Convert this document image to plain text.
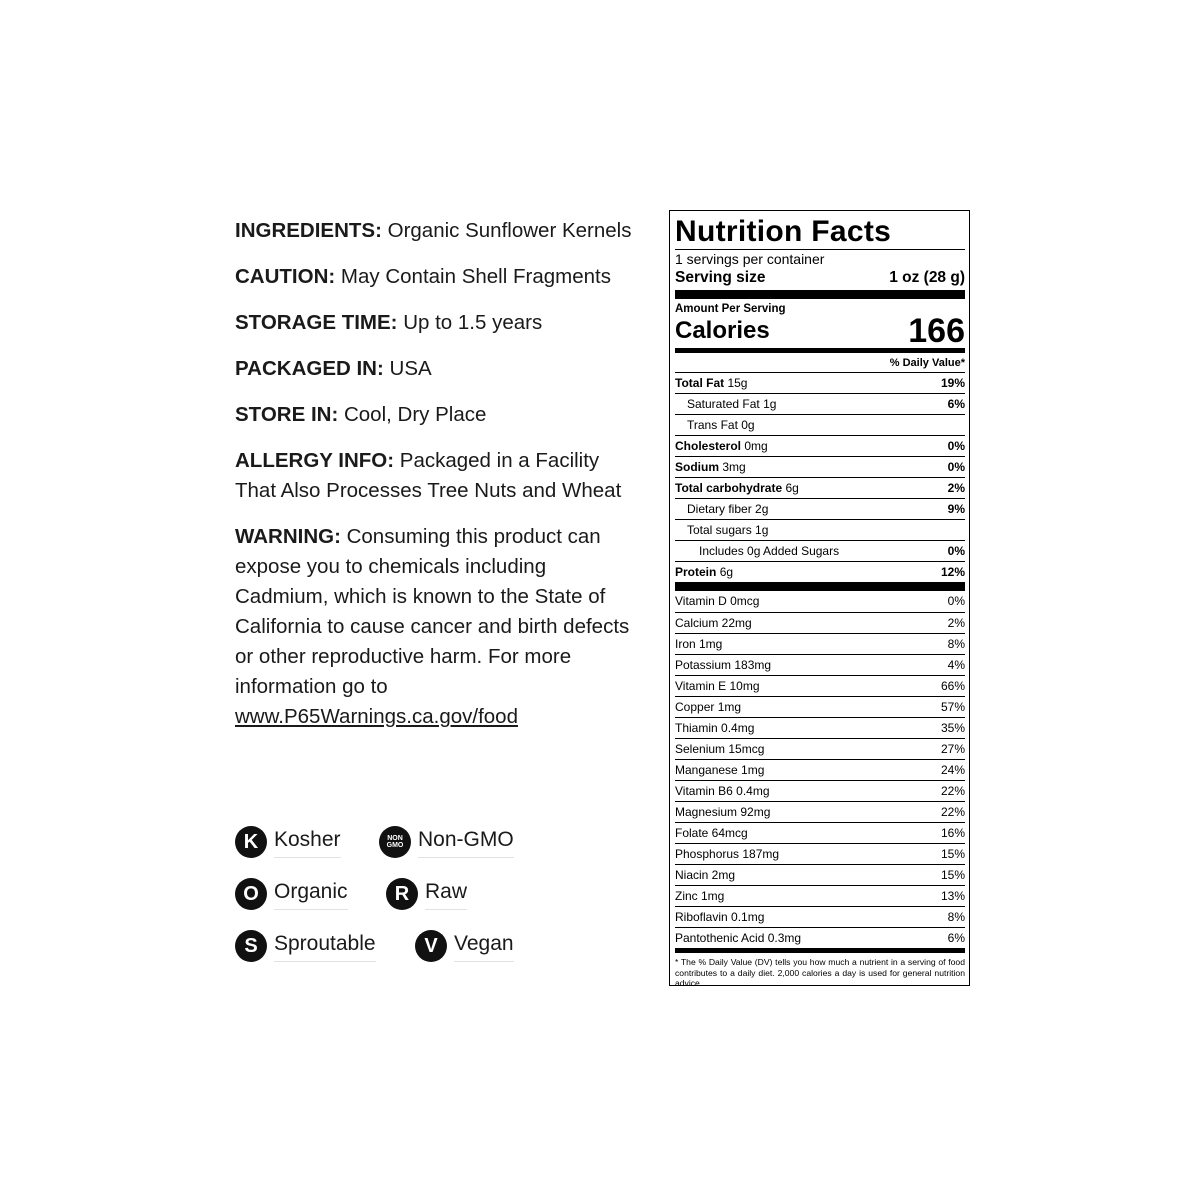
INGREDIENTS: Organic Sunflower Kernels
CAUTION: May Contain Shell Fragments
STORAGE TIME: Up to 1.5 years
PACKAGED IN: USA
STORE IN: Cool, Dry Place
ALLERGY INFO: Packaged in a Facility That Also Processes Tree Nuts and Wheat
WARNING: Consuming this product can expose you to chemicals including Cadmium, which is known to the State of California to cause cancer and birth defects or other reproductive harm. For more information go to www.P65Warnings.ca.gov/food
K Kosher	NON GMO Non-GMO
O Organic	R Raw
S Sproutable	V Vegan
Nutrition Facts
1 servings per container
Serving size	1 oz (28 g)
Amount Per Serving
Calories	166
% Daily Value*
Total Fat 15g	19%
Saturated Fat 1g	6%
Trans Fat 0g
Cholesterol 0mg	0%
Sodium 3mg	0%
Total carbohydrate 6g	2%
Dietary fiber 2g	9%
Total sugars 1g
Includes 0g Added Sugars	0%
Protein 6g	12%
Vitamin D 0mcg	0%
Calcium 22mg	2%
Iron 1mg	8%
Potassium 183mg	4%
Vitamin E 10mg	66%
Copper 1mg	57%
Thiamin 0.4mg	35%
Selenium 15mcg	27%
Manganese 1mg	24%
Vitamin B6 0.4mg	22%
Magnesium 92mg	22%
Folate 64mcg	16%
Phosphorus 187mg	15%
Niacin 2mg	15%
Zinc 1mg	13%
Riboflavin 0.1mg	8%
Pantothenic Acid 0.3mg	6%
* The % Daily Value (DV) tells you how much a nutrient in a serving of food contributes to a daily diet. 2,000 calories a day is used for general nutrition advice.
